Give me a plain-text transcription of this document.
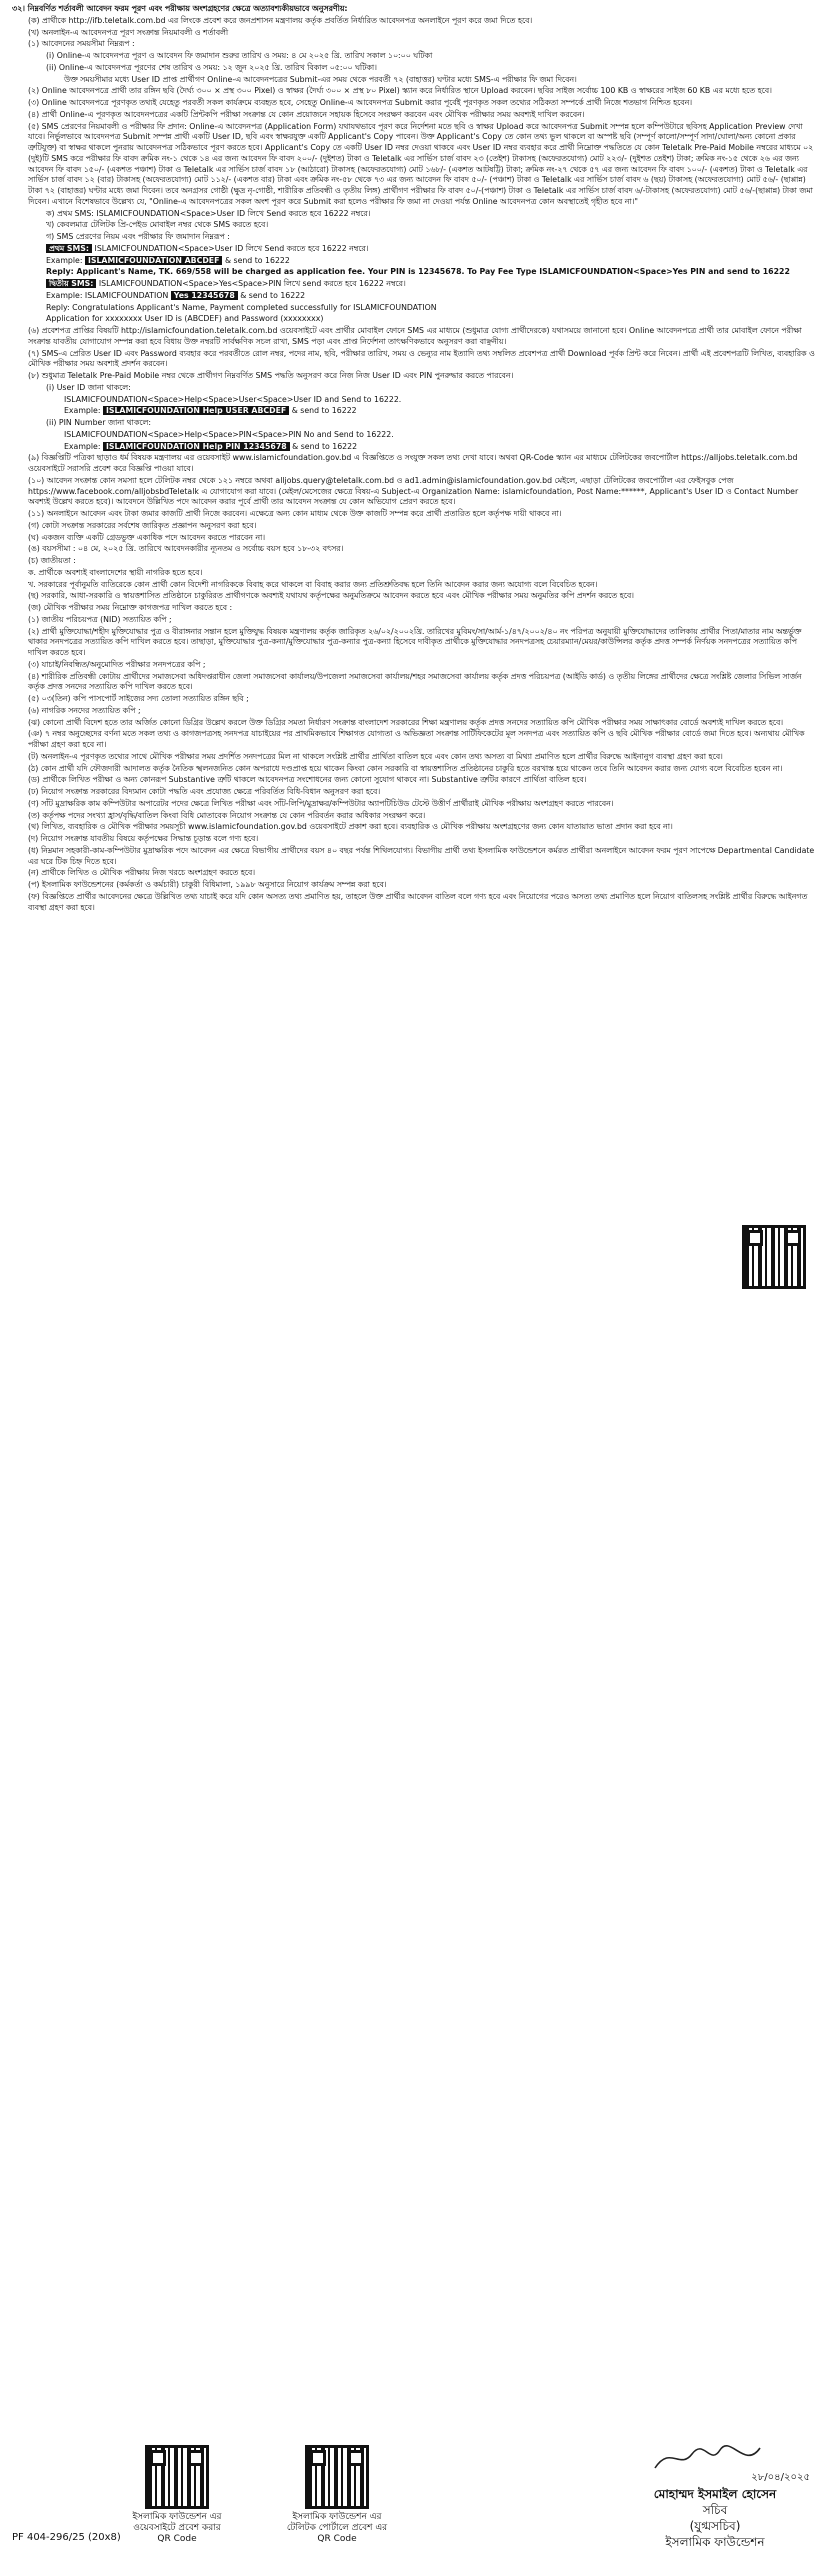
৩২। নিম্নবর্ণিত শর্তাবলী আবেদন ফরম পূরণ এবং পরীক্ষায় অংশগ্রহণের ক্ষেত্রে অত্যাবশ্যকীয়ভাবে অনুসরণীয়:
(ক) প্রার্থীকে http://ifb.teletalk.com.bd এর লিংকে প্রবেশ করে জনপ্রশাসন মন্ত্রণালয় কর্তৃক প্রবর্তিত নির্ধারিত আবেদনপত্র অনলাইনে পূরণ করে জমা দিতে হবে।
(খ) অনলাইন-এ আবেদনপত্র পূরণ সংক্রান্ত নিয়মাবলী ও শর্তাবলী
(১) আবেদনের সময়সীমা নিম্নরূপ :
(i) Online-এ আবেদনপত্র পূরণ ও আবেদন ফি জমাদান শুরুর তারিখ ও সময়: ৪ মে ২০২৫ খ্রি. তারিখ সকাল ১০:০০ ঘটিকা
(ii) Online-এ আবেদনপত্র পূরণের শেষ তারিখ ও সময়: ১২ জুন ২০২৫ খ্রি. তারিখ বিকাল ০৫:০০ ঘটিকা।
উক্ত সময়সীমার মধ্যে User ID প্রাপ্ত প্রার্থীগণ Online-এ আবেদনপত্রের Submit-এর সময় থেকে পরবর্তী ৭২ (বাহাত্তর) ঘণ্টার মধ্যে SMS-এ পরীক্ষার ফি জমা দিবেন।
(২) Online আবেদনপত্রে প্রার্থী তার রঙ্গিন ছবি (দৈর্ঘ্য ৩০০ × প্রস্থ ৩০০ Pixel) ও স্বাক্ষর (দৈর্ঘ্য ৩০০ × প্রস্থ ৮০ Pixel) স্ক্যান করে নির্ধারিত স্থানে Upload করবেন। ছবির সাইজ সর্বোচ্চ 100 KB ও স্বাক্ষরের সাইজ 60 KB এর মধ্যে হতে হবে।
(৩) Online আবেদনপত্রে পূরণকৃত তথ্যই যেহেতু পরবর্তী সকল কার্যক্রমে ব্যবহৃত হবে, সেহেতু Online-এ আবেদনপত্র Submit করার পূর্বেই পূরণকৃত সকল তথ্যের সঠিকতা সম্পর্কে প্রার্থী নিজে শতভাগ নিশ্চিত হবেন।
(৪) প্রার্থী Online-এ পূরণকৃত আবেদনপত্রের একটি প্রিন্টকপি পরীক্ষা সংক্রান্ত যে কোন প্রয়োজনে সহায়ক হিসেবে সংরক্ষণ করবেন এবং মৌখিক পরীক্ষার সময় অবশ্যই দাখিল করবেন।
(৫) SMS প্রেরণের নিয়মাবলী ও পরীক্ষার ফি প্রদান: Online-এ আবেদনপত্র (Application Form) যথাযথভাবে পূরণ করে নির্দেশনা মতে ছবি ও স্বাক্ষর Upload করে আবেদনপত্র Submit সম্পন্ন হলে কম্পিউটারে ছবিসহ Application Preview দেখা যাবে। নির্ভুলভাবে আবেদনপত্র Submit সম্পন্ন প্রার্থী একটি User ID, ছবি এবং স্বাক্ষরযুক্ত একটি Applicant's Copy পাবেন। উক্ত Applicant's Copy তে কোন তথ্য ভুল থাকলে বা অস্পষ্ট ছবি (সম্পূর্ণ কালো/সম্পূর্ণ সাদা/ঘোলা/অন্য কোনো প্রকার ত্রুটিযুক্ত) বা স্বাক্ষর থাকলে পুনরায় আবেদনপত্র সঠিকভাবে পূরণ করতে হবে। Applicant's Copy তে একটি User ID নম্বর দেওয়া থাকবে এবং User ID নম্বর ব্যবহার করে প্রার্থী নিম্নোক্ত পদ্ধতিতে যে কোন Teletalk Pre-Paid Mobile নম্বরের মাধ্যমে ০২ (দুই)টি SMS করে পরীক্ষার ফি বাবদ ক্রমিক নং-১ থেকে ১৪ এর জন্য আবেদন ফি বাবদ ২০০/- (দুইশত) টাকা ও Teletalk এর সার্ভিস চার্জ বাবদ ২৩ (তেইশ) টাকাসহ (অফেরতযোগ্য) মোট ২২৩/- (দুইশত তেইশ) টাকা; ক্রমিক নং-১৫ থেকে ২৬ এর জন্য আবেদন ফি বাবদ ১৫০/- (একশত পঞ্চাশ) টাকা ও Teletalk এর সার্ভিস চার্জ বাবদ ১৮ (আঠারো) টাকাসহ (অফেরতযোগ্য) মোট ১৬৮/- (একশত আটষট্টি) টাকা; ক্রমিক নং-২৭ থেকে ৫৭ এর জন্য আবেদন ফি বাবদ ১০০/- (একশত) টাকা ও Teletalk এর সার্ভিস চার্জ বাবদ ১২ (বার) টাকাসহ (অফেরতযোগ্য) মোট ১১২/- (একশত বার) টাকা এবং ক্রমিক নং-৫৮ থেকে ৭৩ এর জন্য আবেদন ফি বাবদ ৫০/- (পঞ্চাশ) টাকা ও Teletalk এর সার্ভিস চার্জ বাবদ ৬ (ছয়) টাকাসহ (অফেরতযোগ্য) মোট ৫৬/- (ছাপ্পান্ন) টাকা ৭২ (বাহাত্তর) ঘণ্টার মধ্যে জমা দিবেন। তবে অনগ্রসর গোষ্ঠী (ক্ষুদ্র নৃ-গোষ্ঠী, শারীরিক প্রতিবন্ধী ও তৃতীয় লিঙ্গ) প্রার্থীগণ পরীক্ষার ফি বাবদ ৫০/-(পঞ্চাশ) টাকা ও Teletalk এর সার্ভিস চার্জ বাবদ ৬/-টাকাসহ (অফেরতযোগ্য) মোট ৫৬/-(ছাপ্পান্ন) টাকা জমা দিবেন। এখানে বিশেষভাবে উল্লেখ্য যে, "Online-এ আবেদনপত্রের সকল অংশ পূরণ করে Submit করা হলেও পরীক্ষার ফি জমা না দেওয়া পর্যন্ত Online আবেদনপত্র কোন অবস্থাতেই গৃহীত হবে না।"
ক) প্রথম SMS: ISLAMICFOUNDATION<Space>User ID লিখে Send করতে হবে 16222 নম্বরে।
খ) কেবলমাত্র টেলিটক প্রি-পেইড মোবাইল নম্বর থেকে SMS করতে হবে।
গ) SMS প্রেরণের নিয়ম এবং পরীক্ষার ফি জমাদান নিম্নরূপ :
প্রথম SMS: ISLAMICFOUNDATION<Space>User ID লিখে Send করতে হবে 16222 নম্বরে।
Example: ISLAMICFOUNDATION ABCDEF & send to 16222
Reply: Applicant's Name, TK. 669/558 will be charged as application fee. Your PIN is 12345678. To Pay Fee Type ISLAMICFOUNDATION<Space>Yes PIN and send to 16222
দ্বিতীয় SMS: ISLAMICFOUNDATION<Space>Yes<Space>PIN লিখে send করতে হবে 16222 নম্বরে।
Example: ISLAMICFOUNDATION Yes 12345678 & send to 16222
Reply: Congratulations Applicant's Name, Payment completed successfully for ISLAMICFOUNDATION
Application for xxxxxxxx User ID is (ABCDEF) and Password (xxxxxxxx)
(৬) প্রবেশপত্র প্রাপ্তির বিষয়টি http://islamicfoundation.teletalk.com.bd ওয়েবসাইটে এবং প্রার্থীর মোবাইল ফোনে SMS এর মাধ্যমে (শুধুমাত্র যোগ্য প্রার্থীদেরকে) যথাসময়ে জানানো হবে। Online আবেদনপত্রে প্রার্থী তার মোবাইল ফোনে পরীক্ষা সংক্রান্ত যাবতীয় যোগাযোগ সম্পন্ন করা হবে বিধায় উক্ত নম্বরটি সার্বক্ষণিক সচল রাখা, SMS পড়া এবং প্রাপ্ত নির্দেশনা তাৎক্ষণিকভাবে অনুসরণ করা বাঞ্ছনীয়।
(৭) SMS-এ প্রেরিত User ID এবং Password ব্যবহার করে পরবর্তীতে রোল নম্বর, পদের নাম, ছবি, পরীক্ষার তারিখ, সময় ও ভেন্যুর নাম ইত্যাদি তথ্য সম্বলিত প্রবেশপত্র প্রার্থী Download পূর্বক প্রিন্ট করে নিবেন। প্রার্থী এই প্রবেশপত্রটি লিখিত, ব্যবহারিক ও মৌখিক পরীক্ষার সময় অবশ্যই প্রদর্শন করবেন।
(৮) শুধুমাত্র Teletalk Pre-Paid Mobile নম্বর থেকে প্রার্থীগণ নিম্নবর্ণিত SMS পদ্ধতি অনুসরণ করে নিজ নিজ User ID এবং PIN পুনরুদ্ধার করতে পারবেন।
(i) User ID জানা থাকলে:
ISLAMICFOUNDATION<Space>Help<Space>User<Space>User ID and Send to 16222.
Example: ISLAMICFOUNDATION Help USER ABCDEF & send to 16222
(ii) PIN Number জানা থাকলে:
ISLAMICFOUNDATION<Space>Help<Space>PIN<Space>PIN No and Send to 16222.
Example: ISLAMICFOUNDATION Help PIN 12345678 & send to 16222
(৯) বিজ্ঞপ্তিটি পত্রিকা ছাড়াও ধর্ম বিষয়ক মন্ত্রণালয় এর ওয়েবসাইট www.islamicfoundation.gov.bd এ বিজ্ঞপ্তিতে ও সংযুক্ত সকল তথ্য দেখা যাবে। অথবা QR-Code স্ক্যান এর মাধ্যমে টেলিটকের জবপোর্টাল https://alljobs.teletalk.com.bd ওয়েবসাইটে সরাসরি প্রবেশ করে বিজ্ঞপ্তি পাওয়া যাবে।
(১০) আবেদন সংক্রান্ত কোন সমস্যা হলে টেলিটক নম্বর থেকে ১২১ নম্বরে অথবা alljobs.query@teletalk.com.bd ও ad1.admin@islamicfoundation.gov.bd মেইলে, এছাড়া টেলিটকের জবপোর্টাল এর ফেইসবুক পেজ https://www.facebook.com/alljobsbdTeletalk এ যোগাযোগ করা যাবে। (মেইল/মেসেজের ক্ষেত্রে বিষয়-এ Subject-এ Organization Name: islamicfoundation, Post Name:******, Applicant's User ID ও Contact Number অবশ্যই উল্লেখ করতে হবে)। আবেদনে উল্লিখিত পদে আবেদন করার পূর্বে প্রার্থী তার আবেদন সংক্রান্ত যে কোন অভিযোগ প্রেরণ করতে হবে।
(১১) অনলাইনে আবেদন এবং টাকা জমার কাজটি প্রার্থী নিজে করবেন। এক্ষেত্রে অন্য কোন মাধ্যম থেকে উক্ত কাজটি সম্পন্ন করে প্রার্থী প্রতারিত হলে কর্তৃপক্ষ দায়ী থাকবে না।
(গ) কোটা সংক্রান্ত সরকারের সর্বশেষ জারিকৃত প্রজ্ঞাপন অনুসরণ করা হবে।
(ঘ) একজন ব্যক্তি একটি গ্রেডভুক্ত একাধিক পদে আবেদন করতে পারবেন না।
(ঙ) বয়সসীমা : ০৪ মে, ২০২৫ খ্রি. তারিখে আবেদনকারীর ন্যূনতম ও সর্বোচ্চ বয়স হবে ১৮-৩২ বৎসর।
(চ) জাতীয়তা :
ক. প্রার্থীকে অবশ্যই বাংলাদেশের স্থায়ী নাগরিক হতে হবে।
খ. সরকারের পূর্বানুমতি ব্যতিরেকে কোন প্রার্থী কোন বিদেশী নাগরিককে বিবাহ করে থাকলে বা বিবাহ করার জন্য প্রতিশ্রুতিবদ্ধ হলে তিনি আবেদন করার জন্য অযোগ্য বলে বিবেচিত হবেন।
(ছ) সরকারি, আধা-সরকারি ও স্বায়ত্তশাসিত প্রতিষ্ঠানে চাকুরিরত প্রার্থীগণকে অবশ্যই যথাযথ কর্তৃপক্ষের অনুমতিক্রমে আবেদন করতে হবে এবং মৌখিক পরীক্ষার সময় অনুমতির কপি প্রদর্শন করতে হবে।
(জ) মৌখিক পরীক্ষার সময় নিম্নোক্ত কাগজপত্র দাখিল করতে হবে :
(১) জাতীয় পরিচয়পত্র (NID) সত্যায়িত কপি ;
(২) প্রার্থী মুক্তিযোদ্ধা/শহীদ মুক্তিযোদ্ধার পুত্র ও বীরাঙ্গনার সন্তান হলে মুক্তিযুদ্ধ বিষয়ক মন্ত্রণালয় কর্তৃক জারিকৃত ২৬/০২/২০০২খ্রি. তারিখের মুবিমং/সা/আর্ম-১/৪৭/২০০২/৪০ নং পরিপত্র অনুযায়ী মুক্তিযোদ্ধাদের তালিকায় প্রার্থীর পিতা/মাতার নাম অন্তর্ভুক্ত থাকার সনদপত্রের সত্যায়িত কপি দাখিল করতে হবে। তাছাড়া, মুক্তিযোদ্ধার পুত্র-কন্যা/মুক্তিযোদ্ধার পুত্র-কন্যার পুত্র-কন্যা হিসেবে দাবীকৃত প্রার্থীকে মুক্তিযোদ্ধার সনদপত্রসহ চেয়ারম্যান/মেয়র/কাউন্সিলর কর্তৃক প্রদত্ত সম্পর্ক নির্ণয়ক সনদপত্রের সত্যায়িত কপি দাখিল করতে হবে।
(৩) যাচাই/নিবন্ধিত/অনুমোদিত পরীক্ষার সনদপত্রের কপি ;
(৪) শারীরিক প্রতিবন্ধী কোটায় প্রার্থীদের সমাজসেবা অধিদপ্তরাধীন জেলা সমাজসেবা কার্যালয়/উপজেলা সমাজসেবা কার্যালয়/শহর সমাজসেবা কার্যালয় কর্তৃক প্রদত্ত পরিচয়পত্র (আইডি কার্ড) ও তৃতীয় লিঙ্গের প্রার্থীদের ক্ষেত্রে সংশ্লিষ্ট জেলার সিভিল সার্জন কর্তৃক প্রদত্ত সনদের সত্যায়িত কপি দাখিল করতে হবে।
(৫) ০৩(তিন) কপি পাসপোর্ট সাইজের সদ্য তোলা সত্যায়িত রঙ্গিন ছবি ;
(৬) নাগরিক সনদের সত্যায়িত কপি ;
(ঝ) কোনো প্রার্থী বিদেশ হতে তার অর্জিত কোনো ডিগ্রির উল্লেখ করলে উক্ত ডিগ্রির সমতা নির্ধারণ সংক্রান্ত বাংলাদেশ সরকারের শিক্ষা মন্ত্রণালয় কর্তৃক প্রদত্ত সনদের সত্যায়িত কপি মৌখিক পরীক্ষার সময় সাক্ষাৎকার বোর্ডে অবশ্যই দাখিল করতে হবে।
(ঞ) ৭ নম্বর অনুচ্ছেদের বর্ণনা মতে সকল তথ্য ও কাগজপত্রসহ সনদপত্র যাচাইয়ের পর প্রাথমিকভাবে শিক্ষাগত যোগ্যতা ও অভিজ্ঞতা সংক্রান্ত সার্টিফিকেটের মূল সনদপত্র এবং সত্যায়িত কপি ও ছবি মৌখিক পরীক্ষার বোর্ডে জমা দিতে হবে। অন্যথায় মৌখিক পরীক্ষা গ্রহণ করা হবে না।
(ট) অনলাইন-এ পূরণকৃত তথ্যের সাথে মৌখিক পরীক্ষার সময় প্রদর্শিত সনদপত্রের মিল না থাকলে সংশ্লিষ্ট প্রার্থীর প্রার্থিতা বাতিল হবে এবং কোন তথ্য অসত্য বা মিথ্যা প্রমাণিত হলে প্রার্থীর বিরুদ্ধে আইনানুগ ব্যবস্থা গ্রহণ করা হবে।
(ঠ) কোন প্রার্থী যদি ফৌজদারী আদালত কর্তৃক নৈতিক স্খলনজনিত কোন অপরাধে দণ্ডপ্রাপ্ত হয়ে থাকেন কিংবা কোন সরকারি বা স্বায়ত্তশাসিত প্রতিষ্ঠানের চাকুরি হতে বরখাস্ত হয়ে থাকেন তবে তিনি আবেদন করার জন্য যোগ্য বলে বিবেচিত হবেন না।
(ড) প্রার্থীকে লিখিত পরীক্ষা ও অন্য কোনরূপ Substantive ত্রুটি থাকলে আবেদনপত্র সংশোধনের জন্য কোনো সুযোগ থাকবে না। Substantive ত্রুটির কারণে প্রার্থিতা বাতিল হবে।
(ঢ) নিয়োগ সংক্রান্ত সরকারের বিদ্যমান কোটা পদ্ধতি এবং প্রযোজ্য ক্ষেত্রে পরিবর্তিত বিধি-বিধান অনুসরণ করা হবে।
(ণ) সাঁট মুদ্রাক্ষরিক কাম কম্পিউটার অপারেটর পদের ক্ষেত্রে লিখিত পরীক্ষা এবং সাঁট-লিপি/মুদ্রাক্ষর/কম্পিউটার অ্যাপটিচিউড টেস্টে উত্তীর্ণ প্রার্থীরাই মৌখিক পরীক্ষায় অংশগ্রহণ করতে পারবেন।
(ত) কর্তৃপক্ষ পদের সংখ্যা হ্রাস/বৃদ্ধি/বাতিল কিংবা বিধি মোতাবেক নিয়োগ সংক্রান্ত যে কোন পরিবর্তন করার অধিকার সংরক্ষণ করে।
(থ) লিখিত, ব্যবহারিক ও মৌখিক পরীক্ষার সময়সূচী www.islamicfoundation.gov.bd ওয়েবসাইটে প্রকাশ করা হবে। ব্যবহারিক ও মৌখিক পরীক্ষায় অংশগ্রহণের জন্য কোন যাতায়াত ভাতা প্রদান করা হবে না।
(দ) নিয়োগ সংক্রান্ত যাবতীয় বিষয়ে কর্তৃপক্ষের সিদ্ধান্ত চূড়ান্ত বলে গণ্য হবে।
(ধ) নিম্নমান সহকারী-কাম-কম্পিউটার মুদ্রাক্ষরিক পদে আবেদন এর ক্ষেত্রে বিভাগীয় প্রার্থীদের বয়স ৪০ বছর পর্যন্ত শিথিলযোগ্য। বিভাগীয় প্রার্থী তথ্য ইসলামিক ফাউন্ডেশনে কর্মরত প্রার্থীরা অনলাইনে আবেদন ফরম পূরণ সাপেক্ষে Departmental Candidate এর ঘরে টিক চিহ্ন দিতে হবে।
(ন) প্রার্থীকে লিখিত ও মৌখিক পরীক্ষায় নিজ খরচে অংশগ্রহণ করতে হবে।
(প) ইসলামিক ফাউন্ডেশনের (কর্মকর্তা ও কর্মচারী) চাকুরী বিধিমালা, ১৯৯৮ অনুসারে নিয়োগ কার্যক্রম সম্পন্ন করা হবে।
(ফ) বিজ্ঞপ্তিতে প্রার্থীর আবেদনের ক্ষেত্রে উল্লিখিত তথ্য যাচাই করে যদি কোন অসত্য তথ্য প্রমাণিত হয়, তাহলে উক্ত প্রার্থীর আবেদন বাতিল বলে গণ্য হবে এবং নিয়োগের পরেও অসত্য তথ্য প্রমাণিত হলে নিয়োগ বাতিলসহ সংশ্লিষ্ট প্রার্থীর বিরুদ্ধে আইনগত ব্যবস্থা গ্রহণ করা হবে।
ইসলামিক ফাউন্ডেশন এর
ওয়েবসাইটে প্রবেশ করার
QR Code
ইসলামিক ফাউন্ডেশন এর
টেলিটক পোর্টালে প্রবেশ এর
QR Code
২৮/০৪/২০২৫
মোহাম্মদ ইসমাইল হোসেন
সচিব
(যুগ্মসচিব)
ইসলামিক ফাউন্ডেশন
PF 404-296/25 (20x8)
